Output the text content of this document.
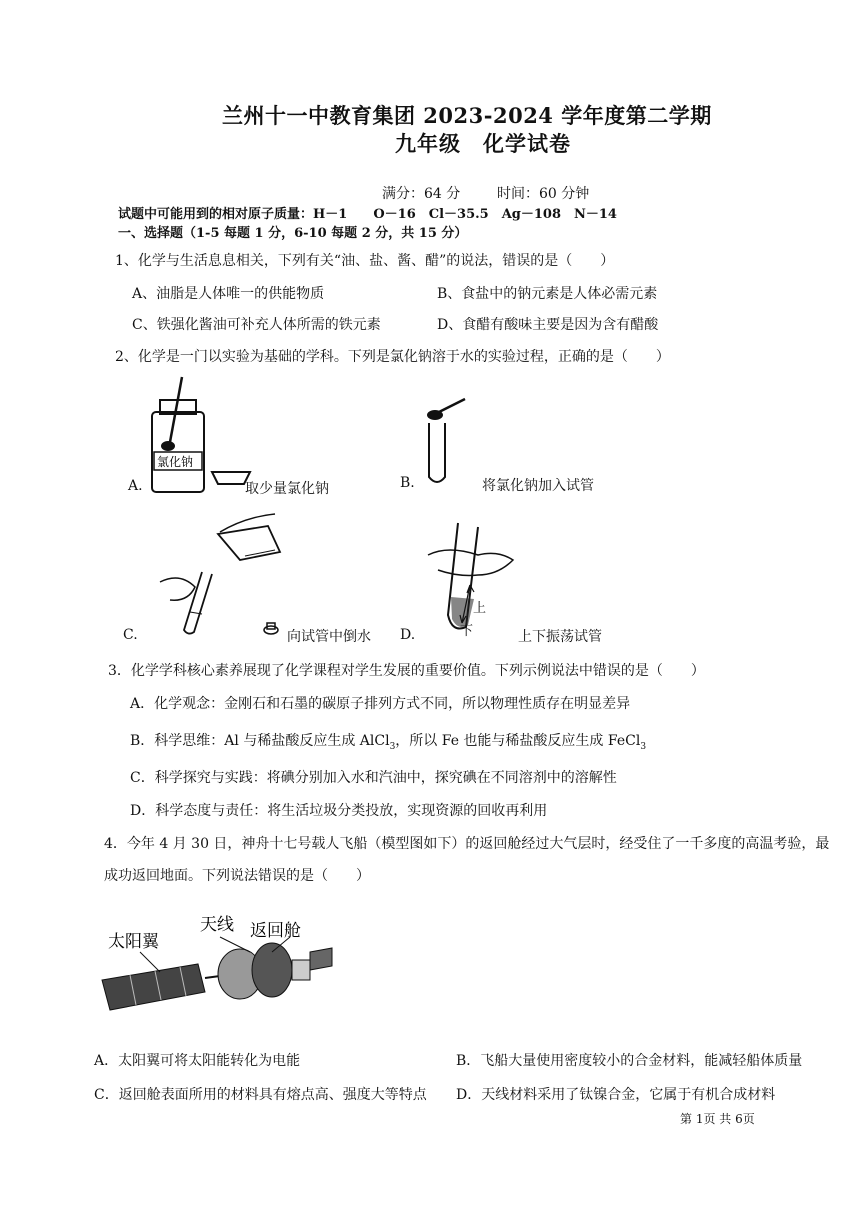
兰州十一中教育集团 2023-2024 学年度第二学期
九年级　化学试卷
满分：64 分	时间：60 分钟
试题中可能用到的相对原子质量：H－1　　O－16　Cl－35.5　Ag－108　N－14
一、选择题（1-5 每题 1 分，6-10 每题 2 分，共 15 分）
1、化学与生活息息相关，下列有关“油、盐、酱、醋”的说法，错误的是（　　）
A、油脂是人体唯一的供能物质	B、食盐中的钠元素是人体必需元素
C、铁强化酱油可补充人体所需的铁元素	D、食醋有酸味主要是因为含有醋酸
2、化学是一门以实验为基础的学科。下列是氯化钠溶于水的实验过程，正确的是（　　）
氯化钠
A.	取少量氯化钠	B.	将氯化钠加入试管
C.	向试管中倒水
上
下
D.	上下振荡试管
3．化学学科核心素养展现了化学课程对学生发展的重要价值。下列示例说法中错误的是（　　）
A．化学观念：金刚石和石墨的碳原子排列方式不同，所以物理性质存在明显差异
B．科学思维：Al 与稀盐酸反应生成 AlCl$_3$，所以 Fe 也能与稀盐酸反应生成 FeCl$_3$
C．科学探究与实践：将碘分别加入水和汽油中，探究碘在不同溶剂中的溶解性
D．科学态度与责任：将生活垃圾分类投放，实现资源的回收再利用
4．今年 4 月 30 日，神舟十七号载人飞船（模型图如下）的返回舱经过大气层时，经受住了一千多度的高温考验，最
成功返回地面。下列说法错误的是（　　）
太阳翼
天线 返回舱
A．太阳翼可将太阳能转化为电能	B．飞船大量使用密度较小的合金材料，能减轻船体质量
C．返回舱表面所用的材料具有熔点高、强度大等特点 D．天线材料采用了钛镍合金，它属于有机合成材料
第 1页 共 6页
